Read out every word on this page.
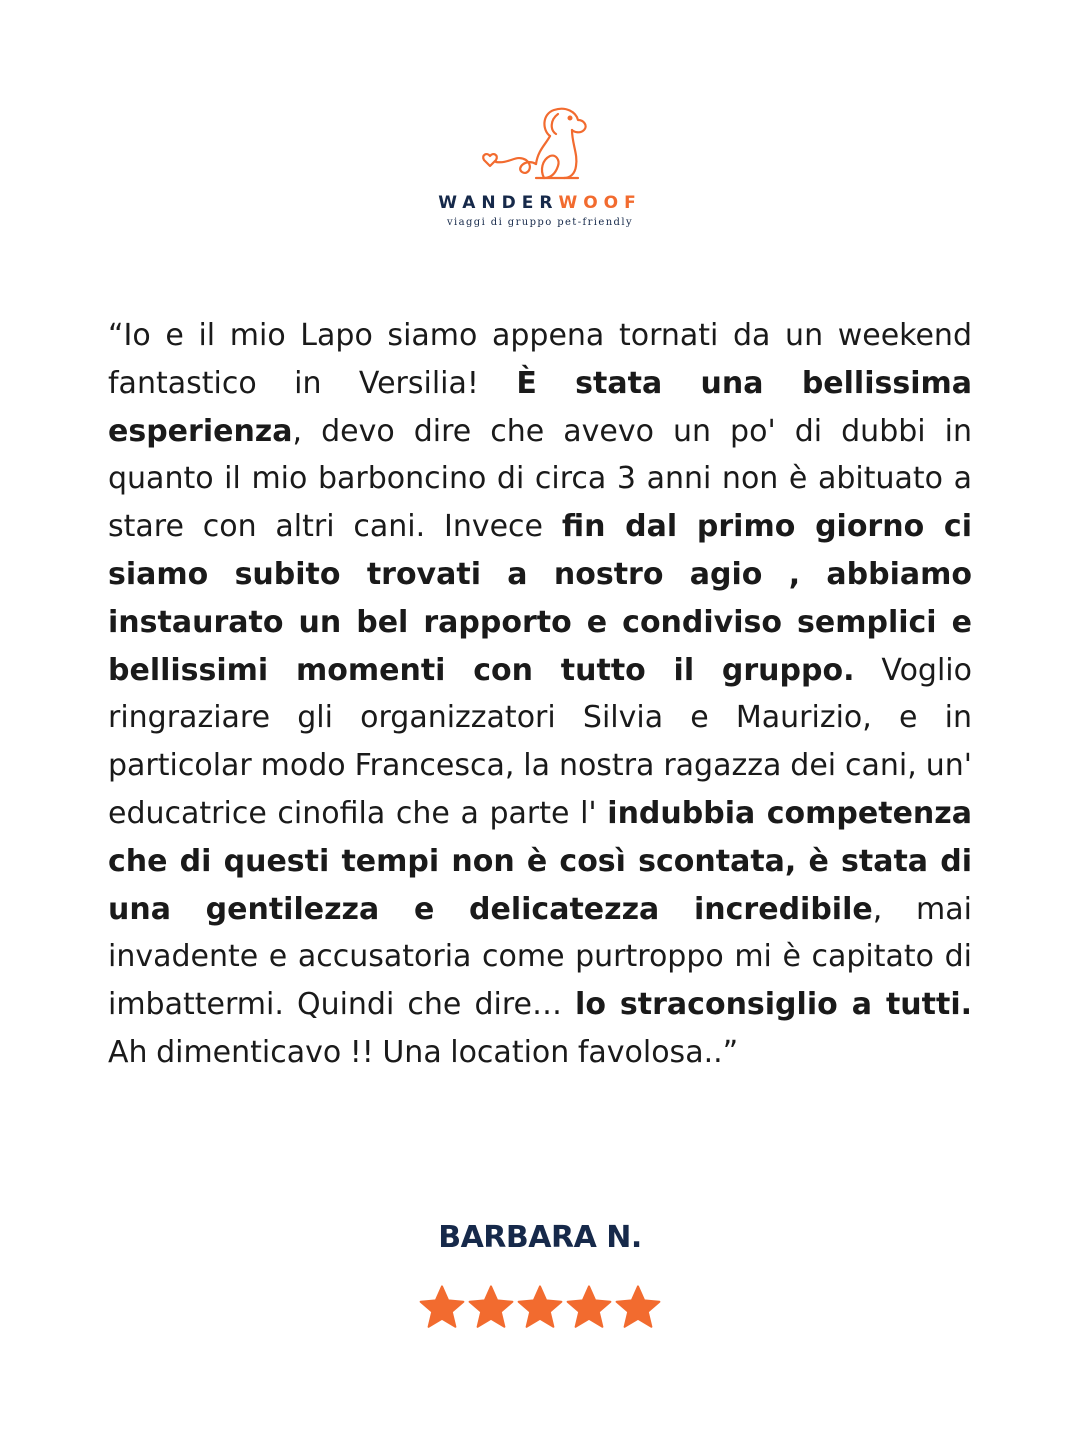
WANDERWOOF
viaggi di gruppo pet-friendly

“Io e il mio Lapo siamo appena tornati da un weekend fantastico in Versilia! È stata una bellissima esperienza, devo dire che avevo un po' di dubbi in quanto il mio barboncino di circa 3 anni non è abituato a stare con altri cani. Invece fin dal primo giorno ci siamo subito trovati a nostro agio , abbiamo instaurato un bel rapporto e condiviso semplici e bellissimi momenti con tutto il gruppo. Voglio ringraziare gli organizzatori Silvia e Maurizio, e in particolar modo Francesca, la nostra ragazza dei cani, un' educatrice cinofila che a parte l' indubbia competenza che di questi tempi non è così scontata, è stata di una gentilezza e delicatezza incredibile, mai invadente e accusatoria come purtroppo mi è capitato di imbattermi. Quindi che dire… lo straconsiglio a tutti. Ah dimenticavo !! Una location favolosa..”

BARBARA N.
